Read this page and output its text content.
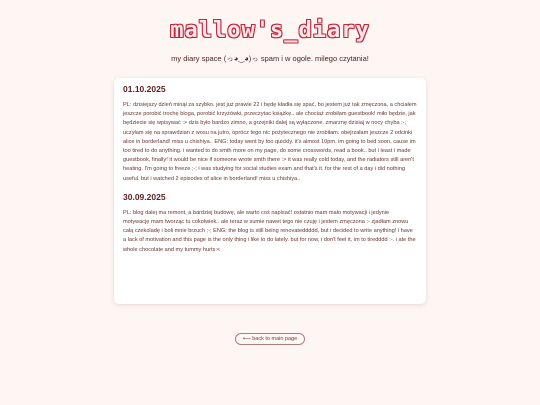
mallow's_diary
my diary space (っ◕‿◕)っ spam i w ogole. milego czytania!
01.10.2025

PL: dzisiejszy dzień minął za szybko. jest już prawie 22 i będę kładła się spać, bo jestem już tak zmęczona, a chciałem jeszcze porobić trochę bloga, porobić krzyżówki, przeczytac książkę.. ale chociaż zrobiłam guestbook! miło będzie, jak będziecie się wpisywać :> dzis było bardzo zimno, a grzejniki dalej są wyłączone. zmarznę dzisiaj w nocy chyba ;-; uczyłam się na sprawdzian z wosu na jutro, oprócz tego nic pożytecznego nie zrobiłam. obejrzałam jeszcze 2 odcinki alice in borderland! miss u chishiya.. ENG: today went by too quickly. it's almost 10pm. im going to bed soon, cause im too tired to do anything. i wanted to do smth more on my page, do some crosswords, read a book.. but i least i made guestbook, finally! it would be nice if someone wrote smth there :> it was really cold today, and the radiators still aren't heating. I'm going to freeze ;-; i was studying for social studies exam and that's it. for the rest of a day i did nothing useful. but i watched 2 episodes of alice in borderland! miss u chishiya..

30.09.2025

PL: blog dalej ma remont, a bardziej budowę, ale warto coś napisać! ostatnio mam mało motywacji i jedynie motywację mam tworząc tu cokolwiek.. ale teraz w sumie nawet tego nie czuję i jestem zmęczona :- zjadłam znowu całą czekoladę i boli mnie brzuch ;-; ENG: the blog is still being renovateddddd, but i decided to write anything! i have a lack of motivation and this page is the only thing i like to do lately. but for now, i don't feel it, im to tiredddd :-. i ate the whole chocolate and my tummy hurts:<

⟵ back to main page
